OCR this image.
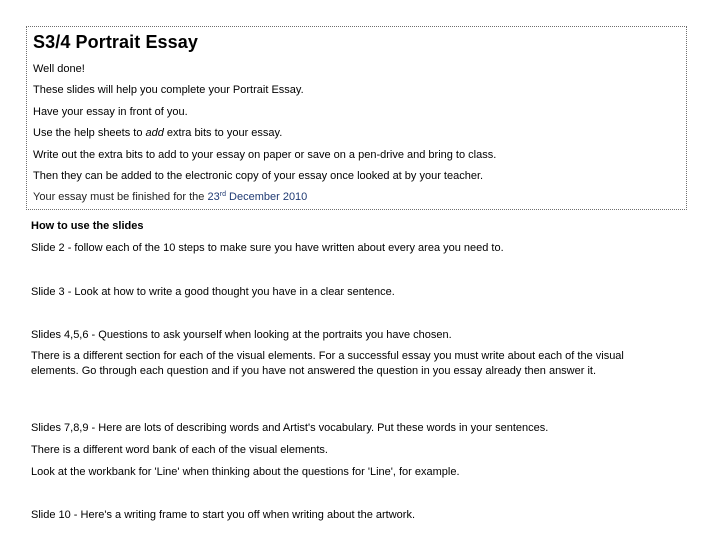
S3/4 Portrait Essay
Well done!
These slides will help you complete your Portrait Essay.
Have your essay in front of you.
Use the help sheets to add extra bits to your essay.
Write out the extra bits to add to your essay on paper or save on a pen-drive and bring to class.
Then they can be added to the electronic copy of your essay once looked at by your teacher.
Your essay must be finished for the 23rd December 2010
How to use the slides
Slide 2 - follow each of the 10 steps to make sure you have written about every area you need to.
Slide 3 - Look at how to write a good thought you have in a clear sentence.
Slides 4,5,6 - Questions to ask yourself when looking at the portraits you have chosen.
There is a different section for each of the visual elements. For a successful essay you must write about each of the visual elements. Go through each question and if you have not answered the question in you essay already then answer it.
Slides 7,8,9 - Here are lots of describing words and Artist's vocabulary. Put these words in your sentences.
There is a different word bank of each of the visual elements.
Look at the workbank for 'Line' when thinking about the questions for 'Line', for example.
Slide 10 - Here's a writing frame to start you off when writing about the artwork.
